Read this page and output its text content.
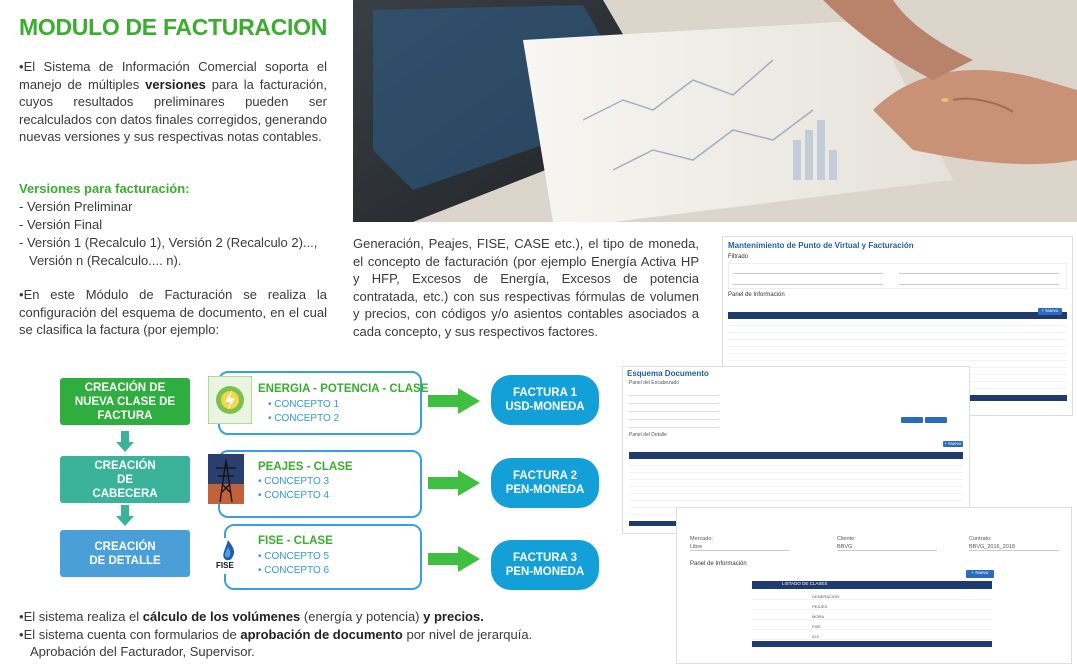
MODULO DE FACTURACION
• El Sistema de Información Comercial soporta el manejo de múltiples versiones para la facturación, cuyos resultados preliminares pueden ser recalculados con datos finales corregidos, generando nuevas versiones y sus respectivas notas contables.
Versiones para facturación:
- Versión Preliminar
- Versión Final
- Versión 1 (Recalculo 1), Versión 2 (Recalculo 2)..., Versión n (Recalculo.... n).
• En este Módulo de Facturación se realiza la configuración del esquema de documento, en el cual se clasifica la factura (por ejemplo:
Generación, Peajes, FISE, CASE etc.), el tipo de moneda, el concepto de facturación (por ejemplo Energía Activa HP y HFP, Excesos de Energía, Excesos de potencia contratada, etc.) con sus respectivas fórmulas de volumen y precios, con códigos y/o asientos contables asociados a cada concepto, y sus respectivos factores.
CREACIÓN DE NUEVA CLASE DE FACTURA
CREACIÓN DE CABECERA
CREACIÓN DE DETALLE
ENERGIA - POTENCIA - CLASE
• CONCEPTO 1
• CONCEPTO 2
PEAJES - CLASE
• CONCEPTO 3
• CONCEPTO 4
FISE
FISE - CLASE
• CONCEPTO 5
• CONCEPTO 6
FACTURA 1
USD-MONEDA
FACTURA 2
PEN-MONEDA
FACTURA 3
PEN-MONEDA
• El sistema realiza el cálculo de los volúmenes (energía y potencia) y precios.
• El sistema cuenta con formularios de aprobación de documento por nivel de jerarquía.
Aprobación del Facturador, Supervisor.
Mantenimiento de Punto de Virtual y Facturación
Filtrado
Panel de Información
+ Nuevo
Esquema Documento
Panel del Encabezado
Panel del Detalle
+ Nuevo
Mercado:	Cliente:	Contrato:
Libre	BBVG	BBVG_2016_2018
Panel de Información
+ Nuevo
LISTADO DE CLASES
GENERACION
PEAJES
MORA
FISE
IGV
